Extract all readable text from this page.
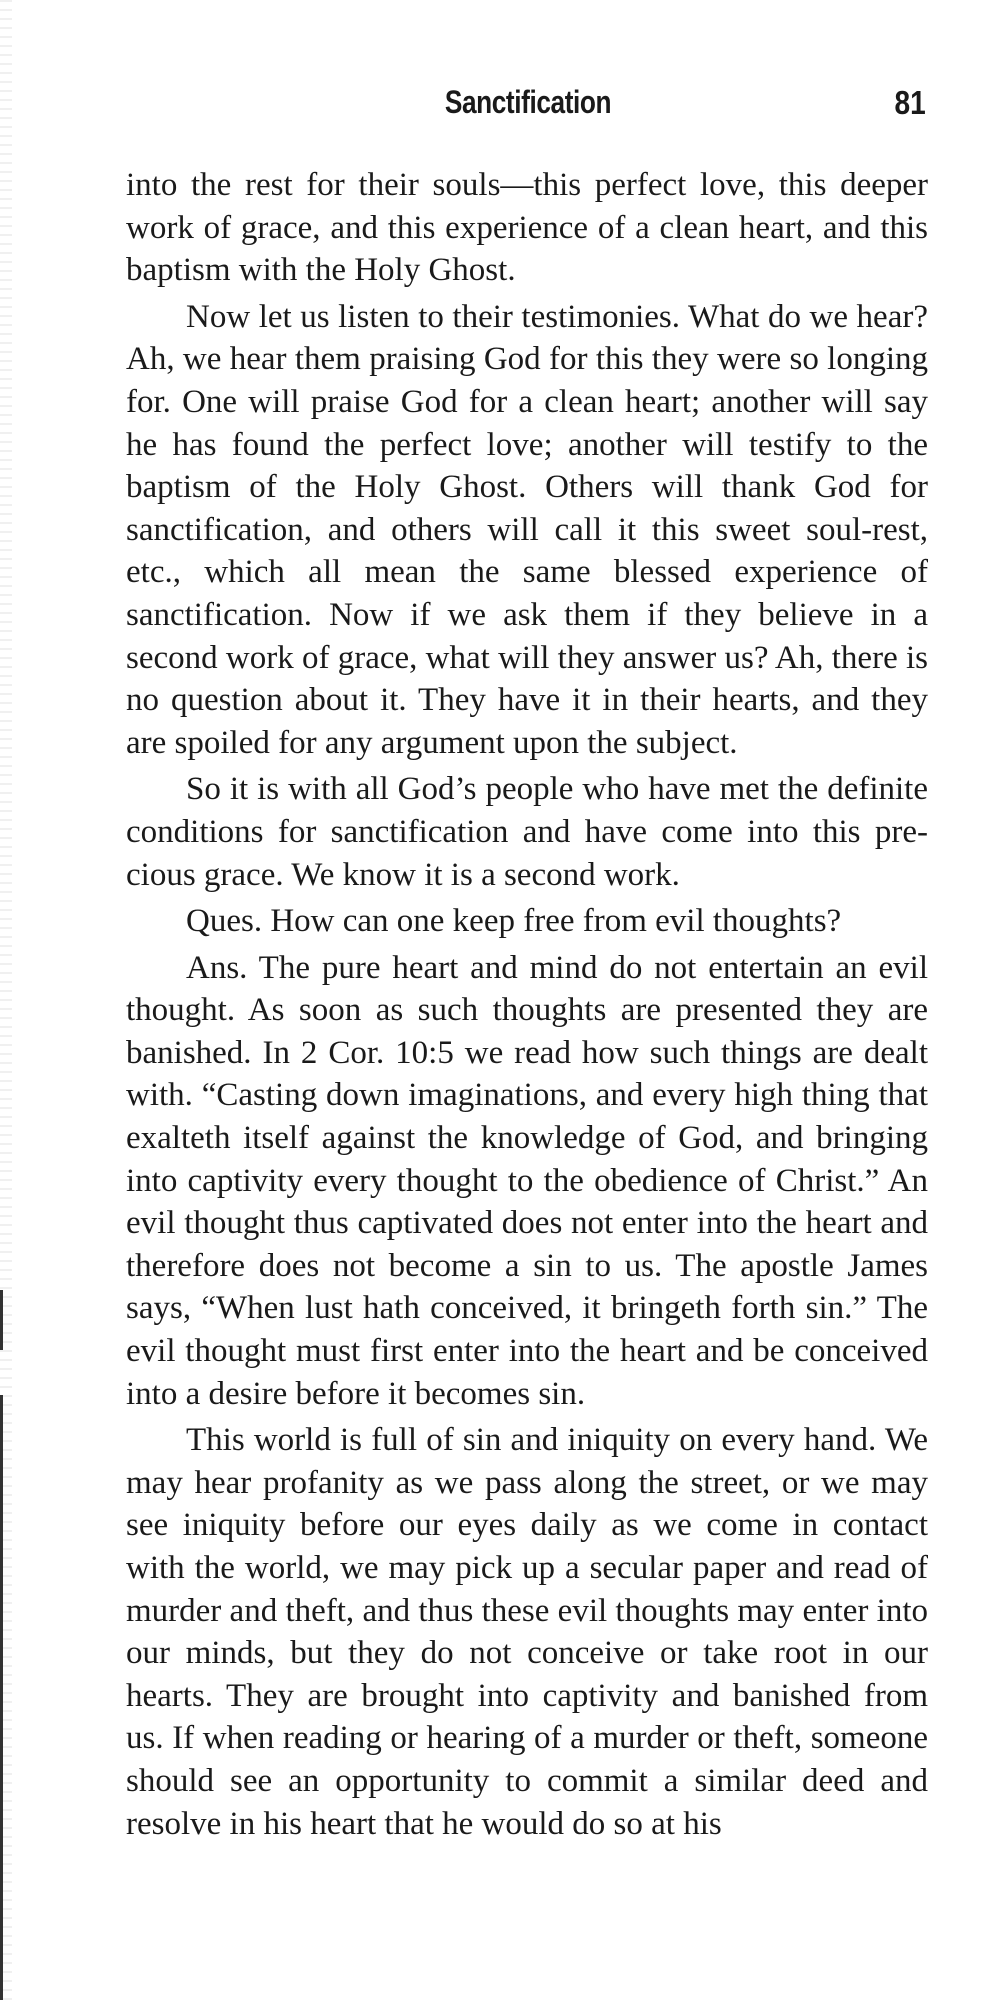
Sanctification	81

into the rest for their souls—this perfect love, this deeper work of grace, and this experience of a clean heart, and this baptism with the Holy Ghost.

Now let us listen to their testimonies. What do we hear? Ah, we hear them praising God for this they were so longing for. One will praise God for a clean heart; another will say he has found the perfect love; another will testify to the baptism of the Holy Ghost. Others will thank God for sanctification, and others will call it this sweet soul-rest, etc., which all mean the same blessed experience of sanctification. Now if we ask them if they believe in a second work of grace, what will they answer us? Ah, there is no question about it. They have it in their hearts, and they are spoiled for any argument upon the subject.

So it is with all God’s people who have met the definite conditions for sanctification and have come into this precious grace. We know it is a second work.

Ques. How can one keep free from evil thoughts?

Ans. The pure heart and mind do not entertain an evil thought. As soon as such thoughts are presented they are banished. In 2 Cor. 10:5 we read how such things are dealt with. “Casting down imaginations, and every high thing that exalteth itself against the knowledge of God, and bringing into captivity every thought to the obedience of Christ.” An evil thought thus captivated does not enter into the heart and therefore does not become a sin to us. The apostle James says, “When lust hath conceived, it bringeth forth sin.” The evil thought must first enter into the heart and be conceived into a desire before it becomes sin.

This world is full of sin and iniquity on every hand. We may hear profanity as we pass along the street, or we may see iniquity before our eyes daily as we come in contact with the world, we may pick up a secular paper and read of murder and theft, and thus these evil thoughts may enter into our minds, but they do not conceive or take root in our hearts. They are brought into captivity and banished from us. If when reading or hearing of a murder or theft, someone should see an opportunity to commit a similar deed and resolve in his heart that he would do so at his
